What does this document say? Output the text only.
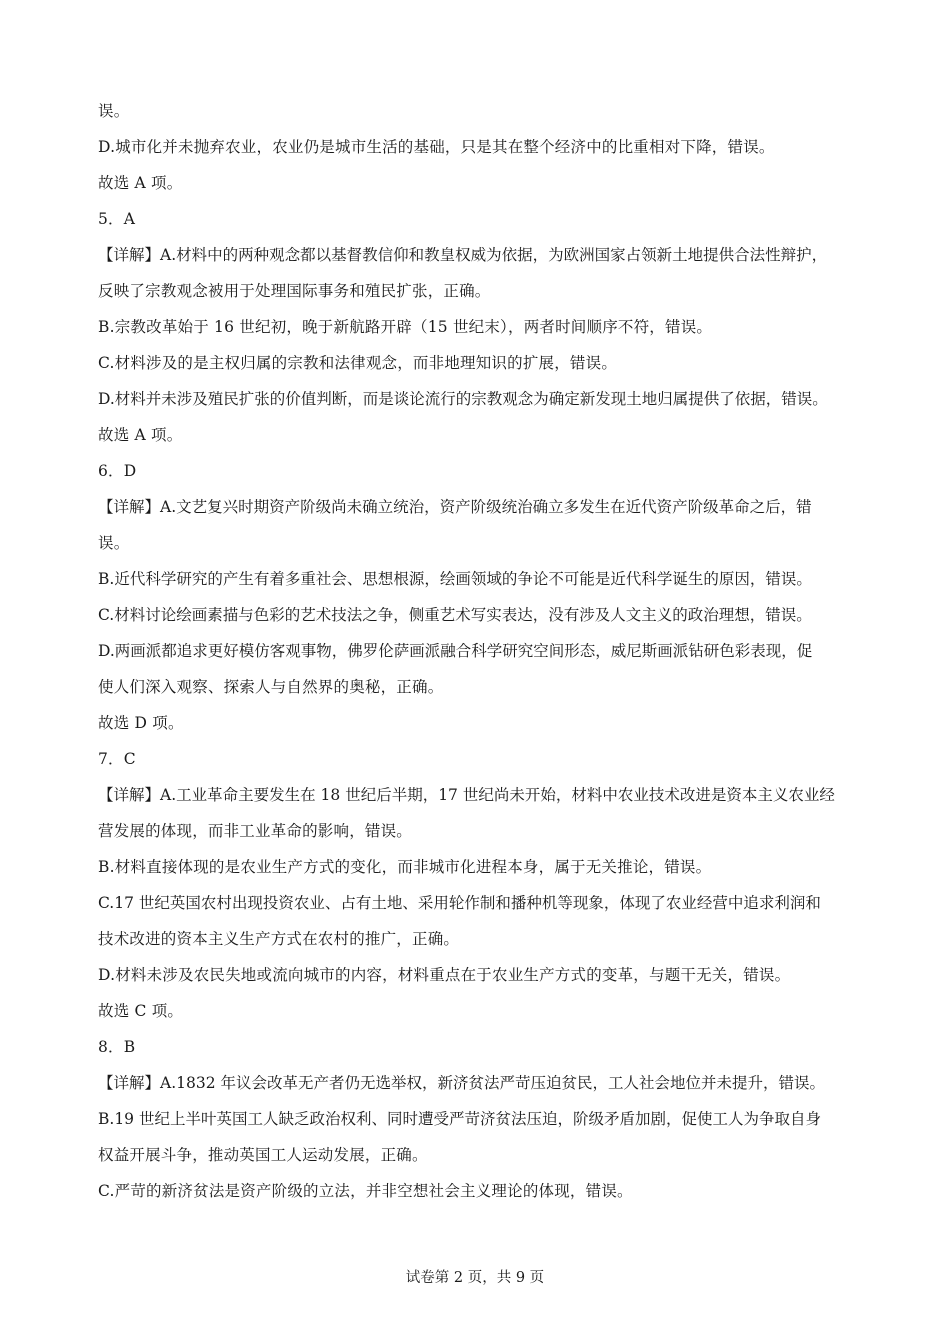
误。
D.城市化并未抛弃农业，农业仍是城市生活的基础，只是其在整个经济中的比重相对下降，错误。
故选 A 项。
5．A
【详解】A.材料中的两种观念都以基督教信仰和教皇权威为依据，为欧洲国家占领新土地提供合法性辩护，
反映了宗教观念被用于处理国际事务和殖民扩张，正确。
B.宗教改革始于 16 世纪初，晚于新航路开辟（15 世纪末），两者时间顺序不符，错误。
C.材料涉及的是主权归属的宗教和法律观念，而非地理知识的扩展，错误。
D.材料并未涉及殖民扩张的价值判断，而是谈论流行的宗教观念为确定新发现土地归属提供了依据，错误。
故选 A 项。
6．D
【详解】A.文艺复兴时期资产阶级尚未确立统治，资产阶级统治确立多发生在近代资产阶级革命之后，错
误。
B.近代科学研究的产生有着多重社会、思想根源，绘画领域的争论不可能是近代科学诞生的原因，错误。
C.材料讨论绘画素描与色彩的艺术技法之争，侧重艺术写实表达，没有涉及人文主义的政治理想，错误。
D.两画派都追求更好模仿客观事物，佛罗伦萨画派融合科学研究空间形态，威尼斯画派钻研色彩表现，促
使人们深入观察、探索人与自然界的奥秘，正确。
故选 D 项。
7．C
【详解】A.工业革命主要发生在 18 世纪后半期，17 世纪尚未开始，材料中农业技术改进是资本主义农业经
营发展的体现，而非工业革命的影响，错误。
B.材料直接体现的是农业生产方式的变化，而非城市化进程本身，属于无关推论，错误。
C.17 世纪英国农村出现投资农业、占有土地、采用轮作制和播种机等现象，体现了农业经营中追求利润和
技术改进的资本主义生产方式在农村的推广，正确。
D.材料未涉及农民失地或流向城市的内容，材料重点在于农业生产方式的变革，与题干无关，错误。
故选 C 项。
8．B
【详解】A.1832 年议会改革无产者仍无选举权，新济贫法严苛压迫贫民，工人社会地位并未提升，错误。
B.19 世纪上半叶英国工人缺乏政治权利、同时遭受严苛济贫法压迫，阶级矛盾加剧，促使工人为争取自身
权益开展斗争，推动英国工人运动发展，正确。
C.严苛的新济贫法是资产阶级的立法，并非空想社会主义理论的体现，错误。
试卷第 2 页，共 9 页
